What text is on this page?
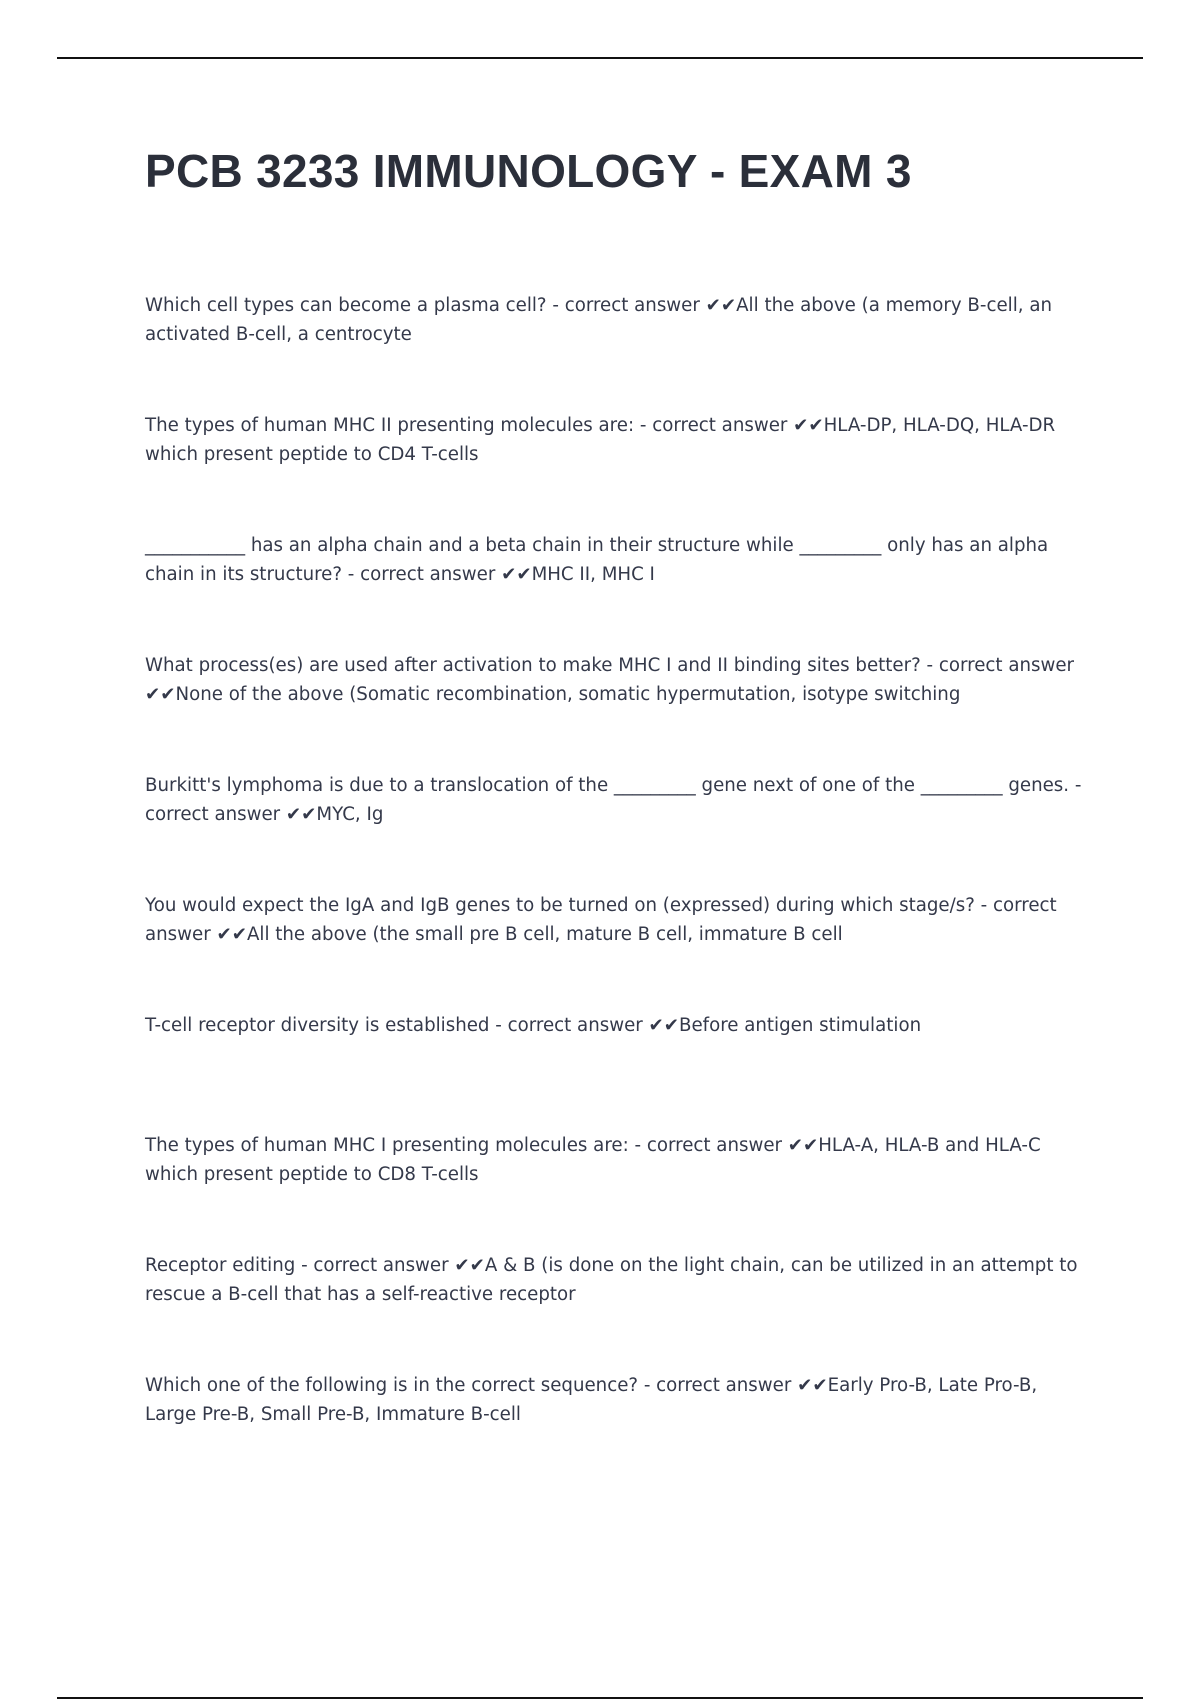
PCB 3233 IMMUNOLOGY - EXAM 3
Which cell types can become a plasma cell? - correct answer ✔✔All the above (a memory B-cell, an activated B-cell, a centrocyte
The types of human MHC II presenting molecules are: - correct answer ✔✔HLA-DP, HLA-DQ, HLA-DR which present peptide to CD4 T-cells
___________ has an alpha chain and a beta chain in their structure while _________ only has an alpha chain in its structure? - correct answer ✔✔MHC II, MHC I
What process(es) are used after activation to make MHC I and II binding sites better? - correct answer ✔✔None of the above (Somatic recombination, somatic hypermutation, isotype switching
Burkitt's lymphoma is due to a translocation of the _________ gene next of one of the _________ genes. - correct answer ✔✔MYC, Ig
You would expect the IgA and IgB genes to be turned on (expressed) during which stage/s? - correct answer ✔✔All the above (the small pre B cell, mature B cell, immature B cell
T-cell receptor diversity is established - correct answer ✔✔Before antigen stimulation
The types of human MHC I presenting molecules are: - correct answer ✔✔HLA-A, HLA-B and HLA-C which present peptide to CD8 T-cells
Receptor editing - correct answer ✔✔A & B (is done on the light chain, can be utilized in an attempt to rescue a B-cell that has a self-reactive receptor
Which one of the following is in the correct sequence? - correct answer ✔✔Early Pro-B, Late Pro-B, Large Pre-B, Small Pre-B, Immature B-cell
